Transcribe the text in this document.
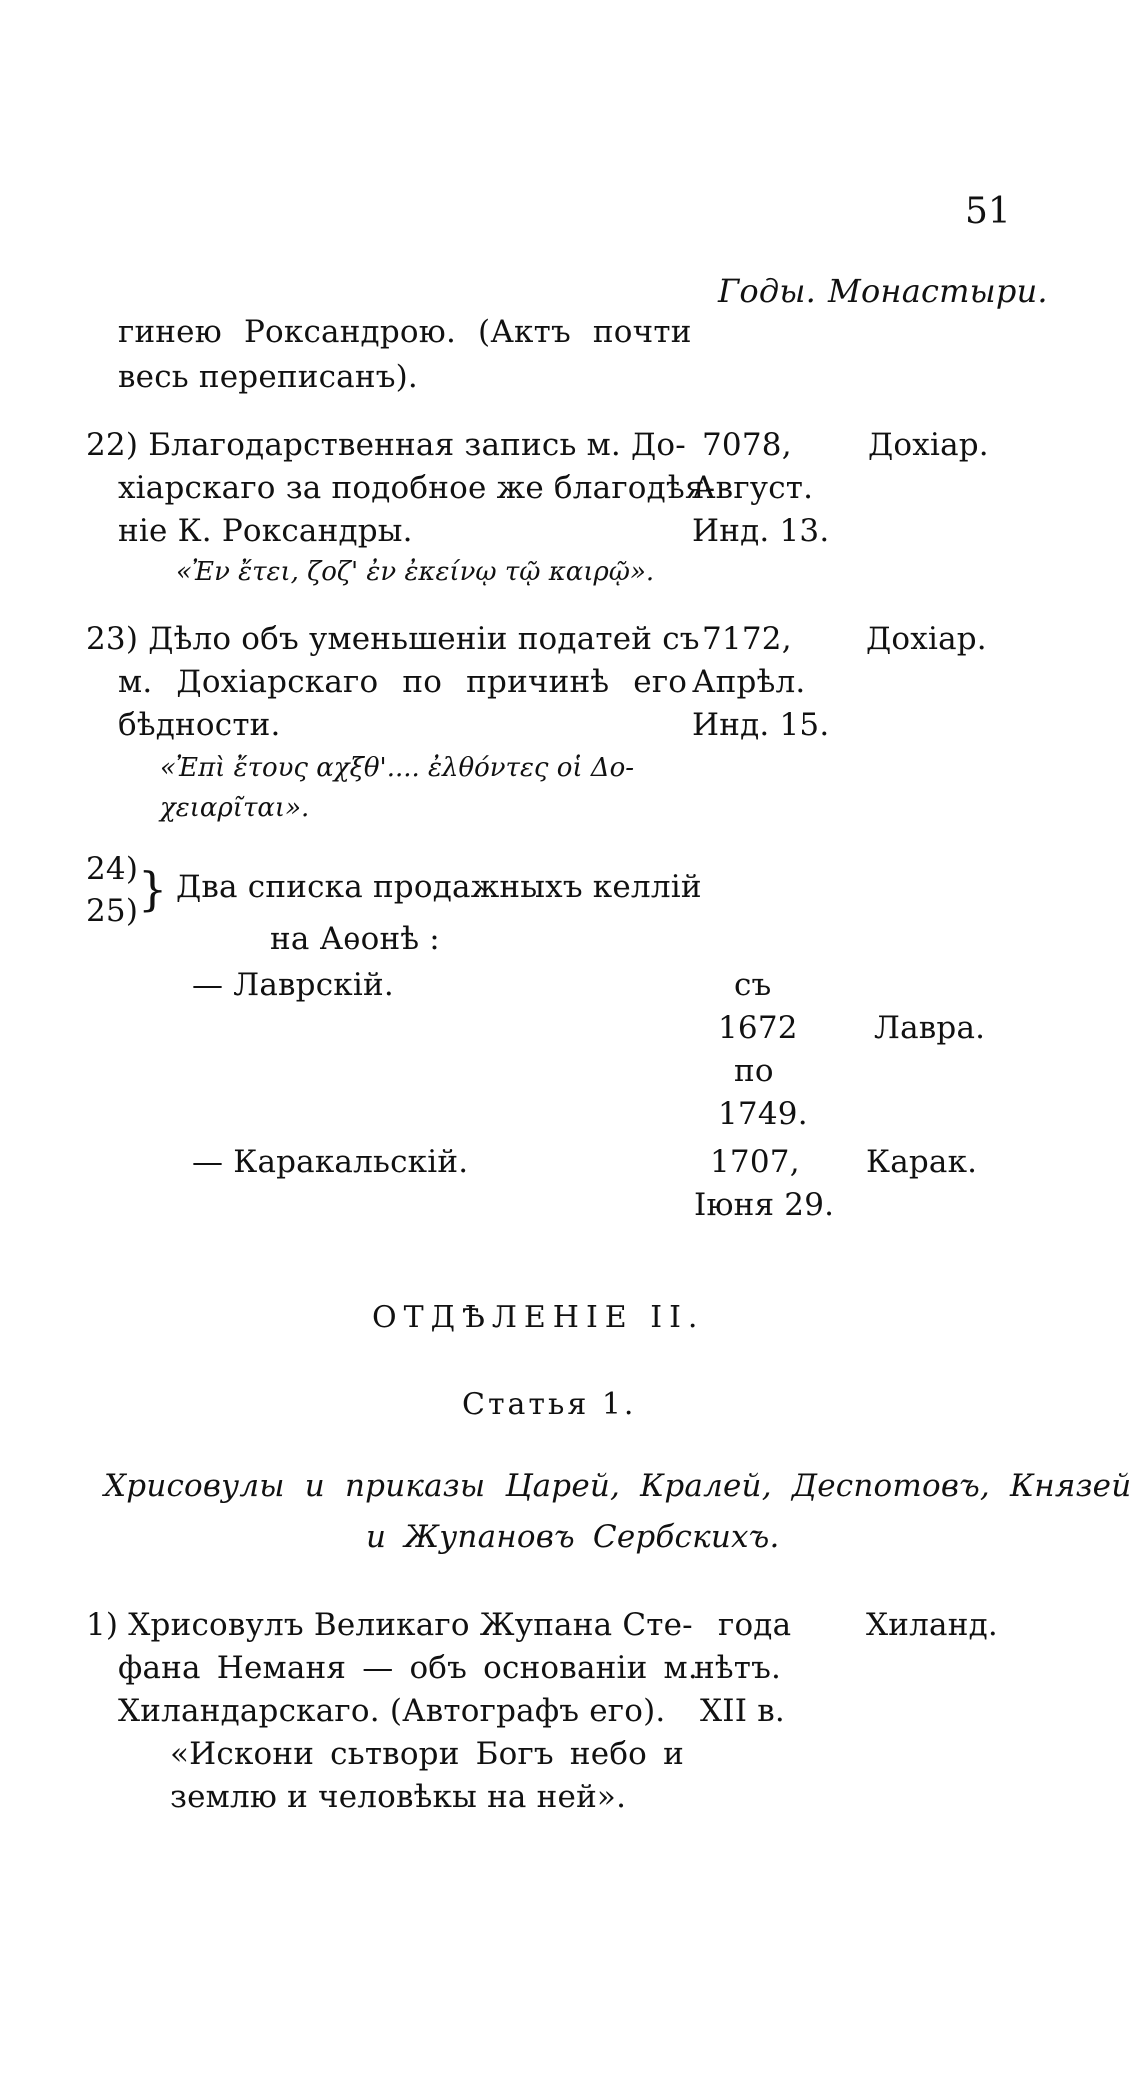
51
Годы. Монастыри.
гинею Роксандрою. (Актъ почти
весь переписанъ).
22) Благодарственная запись м. До-
хіарскаго за подобное же благодѣя-
ніе К. Роксандры.
«Ἐν ἔτει, ζοζ' ἐν ἐκείνῳ τῷ καιρῷ».
7078,
Август.
Инд. 13.
Дохіар.
23) Дѣло объ уменьшеніи податей съ
м. Дохіарскаго по причинѣ его
бѣдности.
«Ἐπὶ ἔτους αχξθ'.... ἐλθόντες οἱ Δο-
χειαρῖται».
7172,
Апрѣл.
Инд. 15.
Дохіар.
24)
25) } Два списка продажныхъ келлій
на Аѳонѣ :
— Лаврскій.	съ
1672
по
1749.
Лавра.
— Каракальскій.	1707,
Іюня 29.
Карак.
ОТДѢЛЕНІЕ II.
Статья 1.
Хрисовулы и приказы Царей, Кралей, Деспотовъ, Князей
и Жупановъ Сербскихъ.
1) Хрисовулъ Великаго Жупана Сте-
фана Неманя — объ основаніи м.
Хиландарскаго. (Автографъ его).
«Искони сьтвори Богъ небо и
землю и человѣкы на ней».
года
нѣтъ.
XII в.
Хиланд.
